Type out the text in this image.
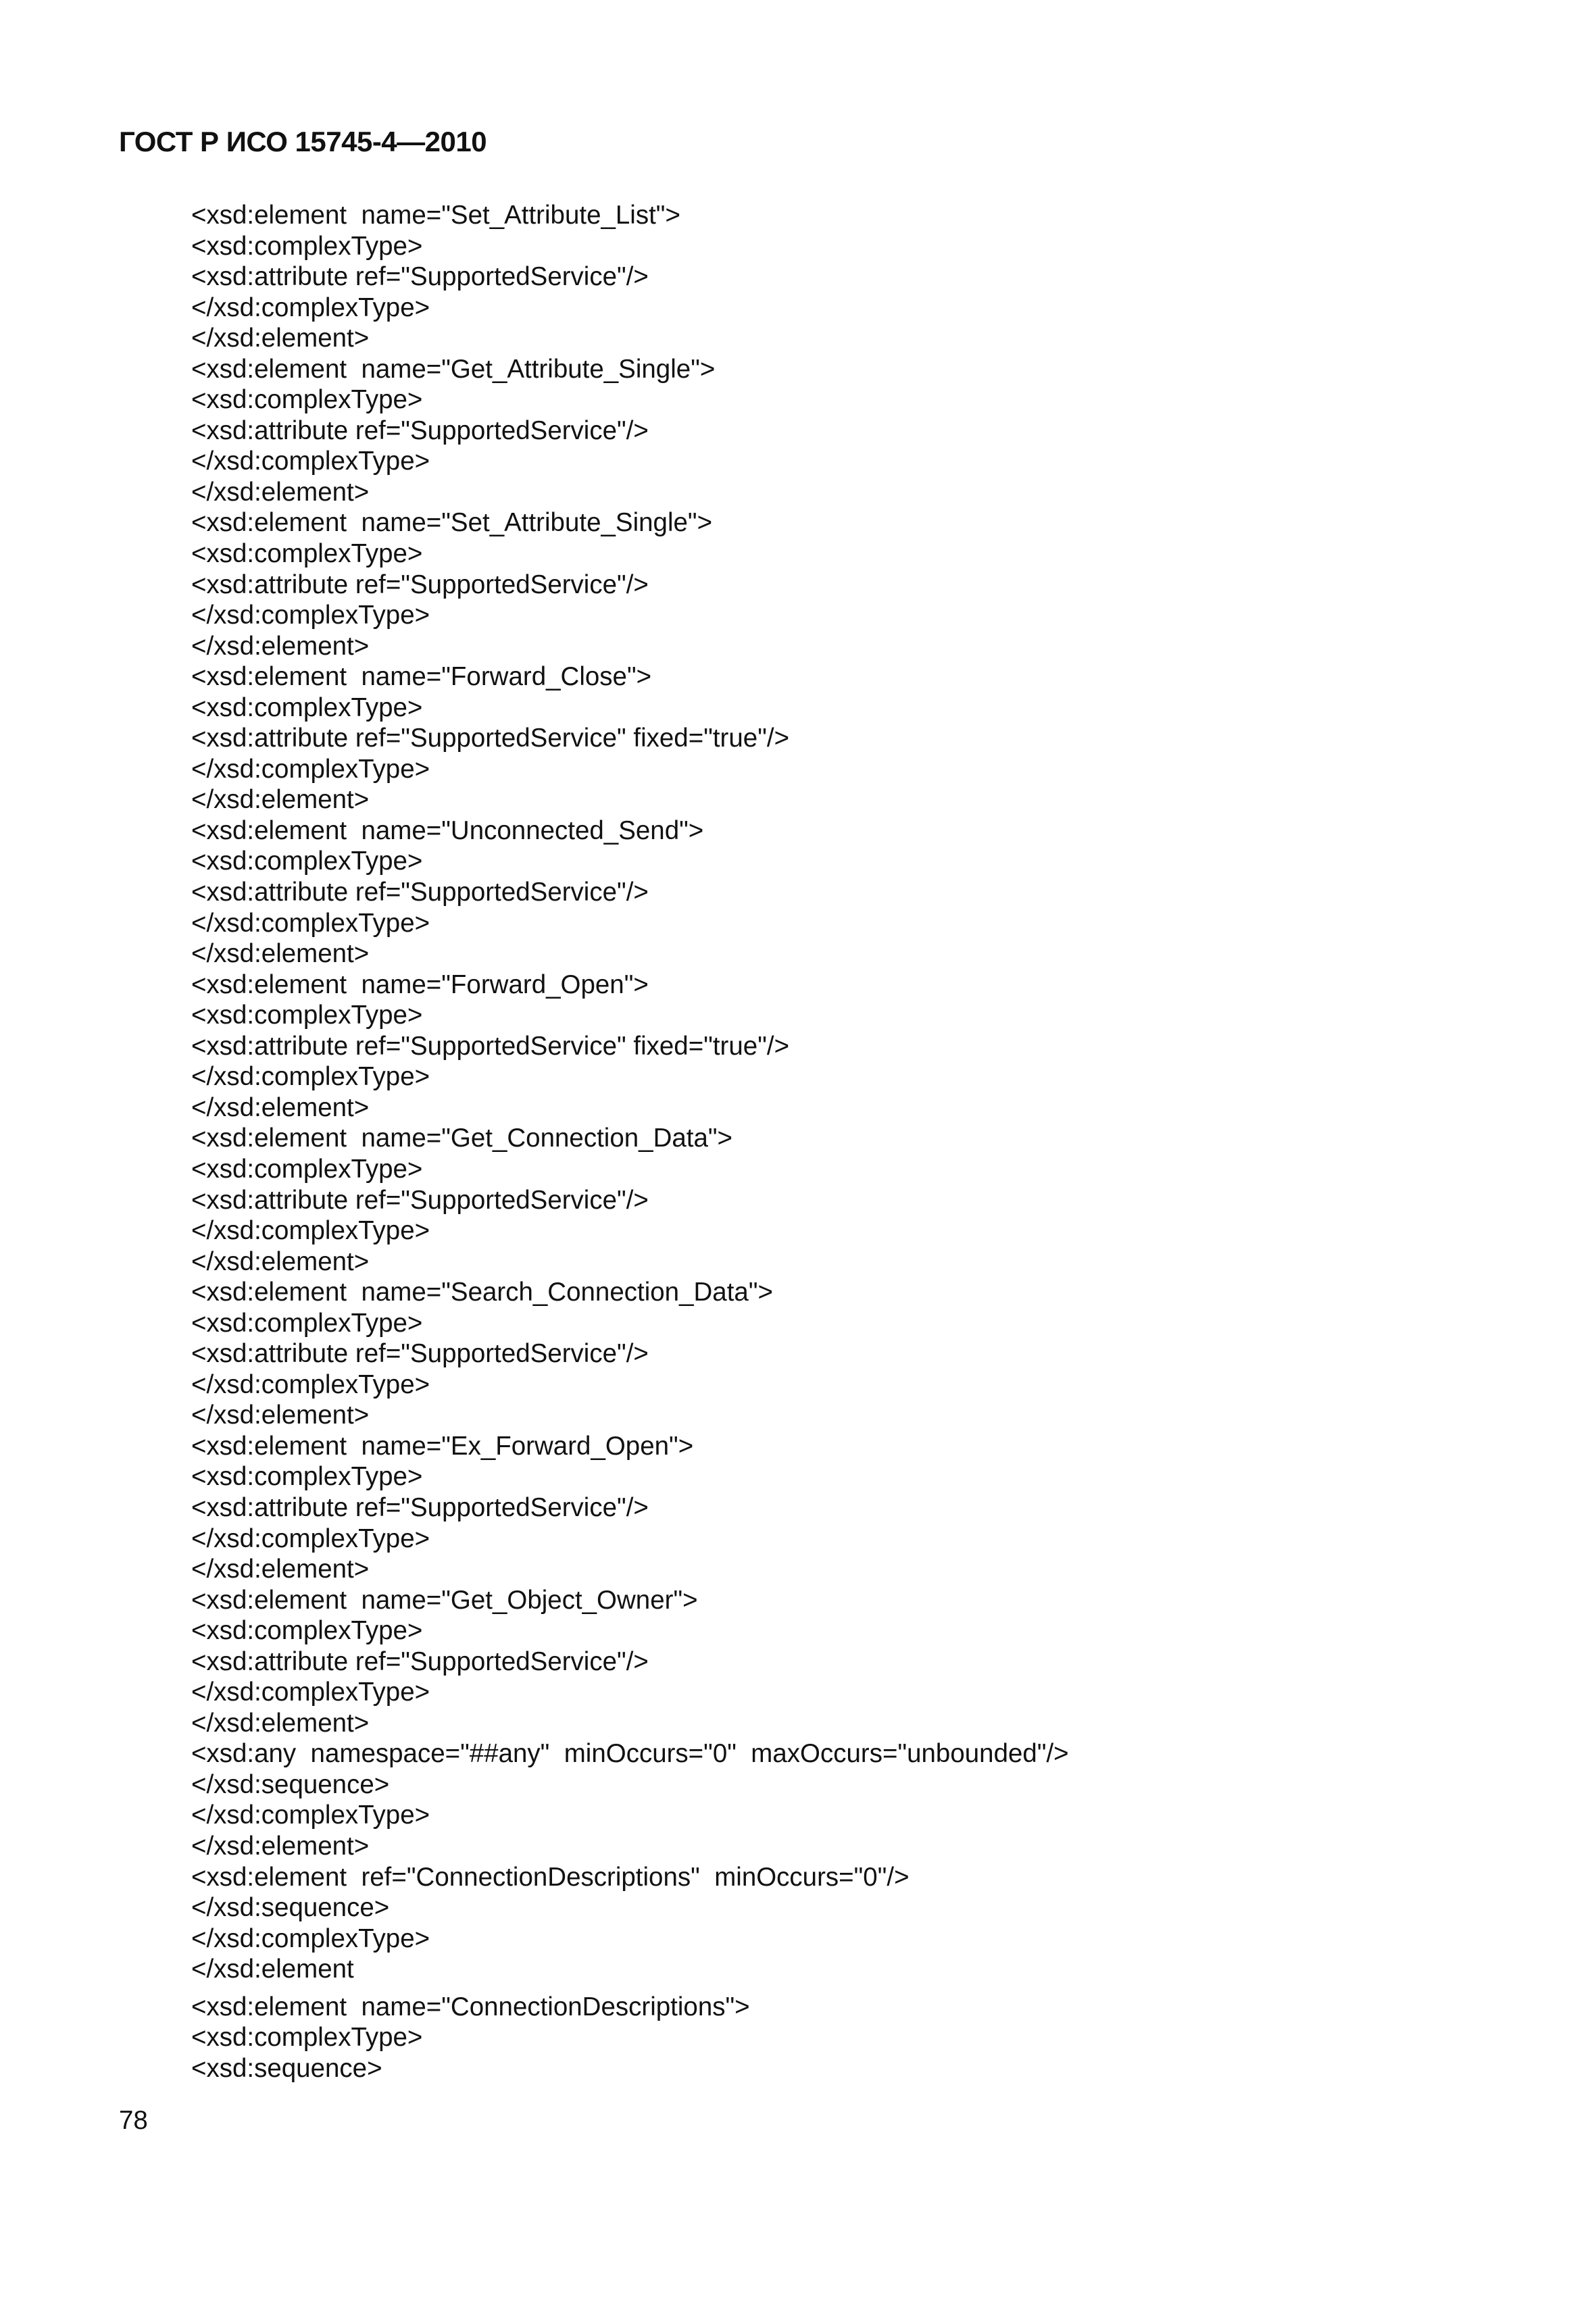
ГОСТ Р ИСО 15745-4—2010
<xsd:element  name="Set_Attribute_List">
<xsd:complexType>
<xsd:attribute ref="SupportedService"/>
</xsd:complexType>
</xsd:element>
<xsd:element  name="Get_Attribute_Single">
<xsd:complexType>
<xsd:attribute ref="SupportedService"/>
</xsd:complexType>
</xsd:element>
<xsd:element  name="Set_Attribute_Single">
<xsd:complexType>
<xsd:attribute ref="SupportedService"/>
</xsd:complexType>
</xsd:element>
<xsd:element  name="Forward_Close">
<xsd:complexType>
<xsd:attribute ref="SupportedService" fixed="true"/>
</xsd:complexType>
</xsd:element>
<xsd:element  name="Unconnected_Send">
<xsd:complexType>
<xsd:attribute ref="SupportedService"/>
</xsd:complexType>
</xsd:element>
<xsd:element  name="Forward_Open">
<xsd:complexType>
<xsd:attribute ref="SupportedService" fixed="true"/>
</xsd:complexType>
</xsd:element>
<xsd:element  name="Get_Connection_Data">
<xsd:complexType>
<xsd:attribute ref="SupportedService"/>
</xsd:complexType>
</xsd:element>
<xsd:element  name="Search_Connection_Data">
<xsd:complexType>
<xsd:attribute ref="SupportedService"/>
</xsd:complexType>
</xsd:element>
<xsd:element  name="Ex_Forward_Open">
<xsd:complexType>
<xsd:attribute ref="SupportedService"/>
</xsd:complexType>
</xsd:element>
<xsd:element  name="Get_Object_Owner">
<xsd:complexType>
<xsd:attribute ref="SupportedService"/>
</xsd:complexType>
</xsd:element>
<xsd:any  namespace="##any"  minOccurs="0"  maxOccurs="unbounded"/>
</xsd:sequence>
</xsd:complexType>
</xsd:element>
<xsd:element  ref="ConnectionDescriptions"  minOccurs="0"/>
</xsd:sequence>
</xsd:complexType>
</xsd:element
<xsd:element  name="ConnectionDescriptions">
<xsd:complexType>
<xsd:sequence>
78
